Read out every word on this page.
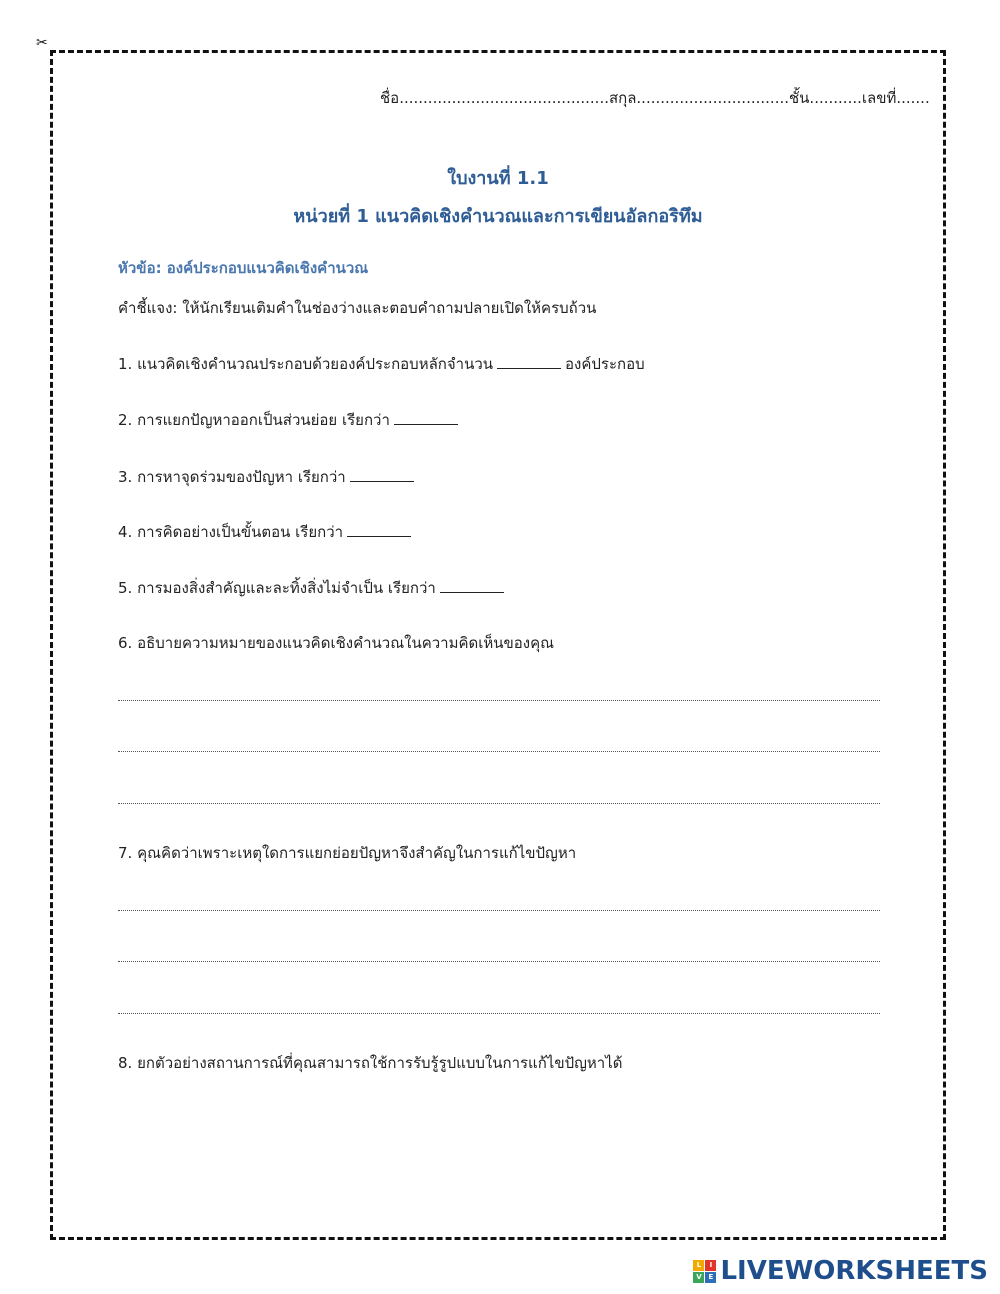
✂
ชื่อ............................................สกุล................................ชั้น...........เลขที่.......
ใบงานที่ 1.1
หน่วยที่ 1 แนวคิดเชิงคำนวณและการเขียนอัลกอริทึม
หัวข้อ: องค์ประกอบแนวคิดเชิงคำนวณ
คำชี้แจง: ให้นักเรียนเติมคำในช่องว่างและตอบคำถามปลายเปิดให้ครบถ้วน
1. แนวคิดเชิงคำนวณประกอบด้วยองค์ประกอบหลักจำนวน	องค์ประกอบ
2. การแยกปัญหาออกเป็นส่วนย่อย เรียกว่า
3. การหาจุดร่วมของปัญหา เรียกว่า
4. การคิดอย่างเป็นขั้นตอน เรียกว่า
5. การมองสิ่งสำคัญและละทิ้งสิ่งไม่จำเป็น เรียกว่า
6. อธิบายความหมายของแนวคิดเชิงคำนวณในความคิดเห็นของคุณ
7. คุณคิดว่าเพราะเหตุใดการแยกย่อยปัญหาจึงสำคัญในการแก้ไขปัญหา
8. ยกตัวอย่างสถานการณ์ที่คุณสามารถใช้การรับรู้รูปแบบในการแก้ไขปัญหาได้
L	I
V E LIVEWORKSHEETS
